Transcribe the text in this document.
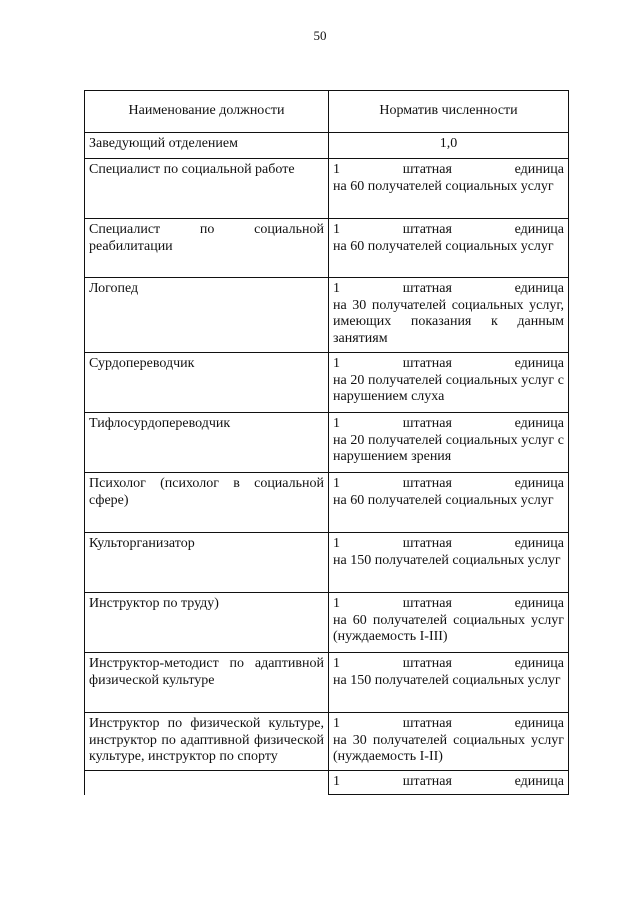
50
Наименование должности	Норматив численности
Заведующий отделением	1,0
Специалист по социальной работе	1 штатная единица
на 60 получателей социальных услуг

Специалист по социальной реабилитации	1 штатная единица
на 60 получателей социальных услуг

Логопед	1 штатная единица
на 30 получателей социальных услуг, имеющих показания к данным занятиям

Сурдопереводчик	1 штатная единица
на 20 получателей социальных услуг с нарушением слуха

Тифлосурдопереводчик	1 штатная единица
на 20 получателей социальных услуг с нарушением зрения

Психолог (психолог в социальной сфере)	1 штатная единица
на 60 получателей социальных услуг

Культорганизатор	1 штатная единица
на 150 получателей социальных услуг

Инструктор по труду)	1 штатная единица
на 60 получателей социальных услуг (нуждаемость I-III)

Инструктор-методист по адаптивной физической культуре	1 штатная единица
на 150 получателей социальных услуг

Инструктор по физической культуре, инструктор по адаптивной физической культуре, инструктор по спорту	1 штатная единица
на 30 получателей социальных услуг (нуждаемость I-II)

	1 штатная единица
